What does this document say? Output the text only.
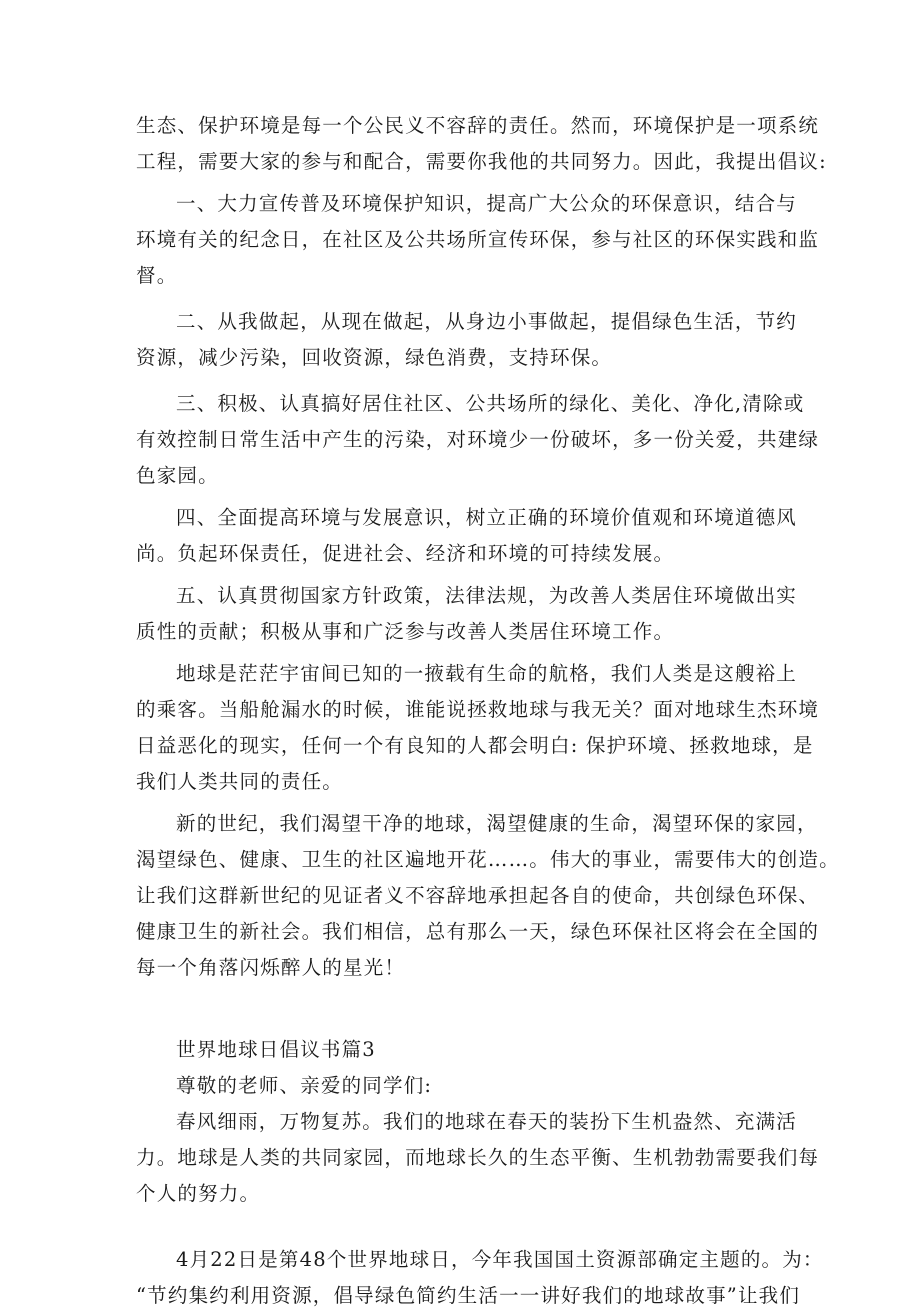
生态、保护环境是每一个公民义不容辞的责任。然而，环境保护是一项系统
工程，需要大家的参与和配合，需要你我他的共同努力。因此，我提出倡议:

一、大力宣传普及环境保护知识，提高广大公众的环保意识，结合与
环境有关的纪念日，在社区及公共场所宣传环保，参与社区的环保实践和监
督。

二、从我做起，从现在做起，从身边小事做起，提倡绿色生活，节约
资源，减少污染，回收资源，绿色消费，支持环保。

三、积极、认真搞好居住社区、公共场所的绿化、美化、净化,清除或
有效控制日常生活中产生的污染，对环境少一份破坏，多一份关爱，共建绿
色家园。

四、全面提高环境与发展意识，树立正确的环境价值观和环境道德风
尚。负起环保责任，促进社会、经济和环境的可持续发展。

五、认真贯彻国家方针政策，法律法规，为改善人类居住环境做出实
质性的贡献；积极从事和广泛参与改善人类居住环境工作。

地球是茫茫宇宙间已知的一掖载有生命的航格，我们人类是这艘裕上
的乘客。当船舱漏水的时候，谁能说拯救地球与我无关？面对地球生杰环境
日益恶化的现实，任何一个有良知的人都会明白: 保护环境、拯救地球，是
我们人类共同的责任。

新的世纪，我们渴望干净的地球，渴望健康的生命，渴望环保的家园，
渴望绿色、健康、卫生的社区遍地开花……。伟大的事业，需要伟大的创造。
让我们这群新世纪的见证者义不容辞地承担起各自的使命，共创绿色环保、
健康卫生的新社会。我们相信，总有那么一天，绿色环保社区将会在全国的
每一个角落闪烁醉人的星光！

世界地球日倡议书篇3

尊敬的老师、亲爱的同学们:

春风细雨，万物复苏。我们的地球在春天的装扮下生机盎然、充满活
力。地球是人类的共同家园，而地球长久的生态平衡、生机勃勃需要我们每
个人的努力。

4月22日是第48个世界地球日，今年我国国土资源部确定主题的。为：
“节约集约利用资源，倡导绿色简约生活一一讲好我们的地球故事”让我们
